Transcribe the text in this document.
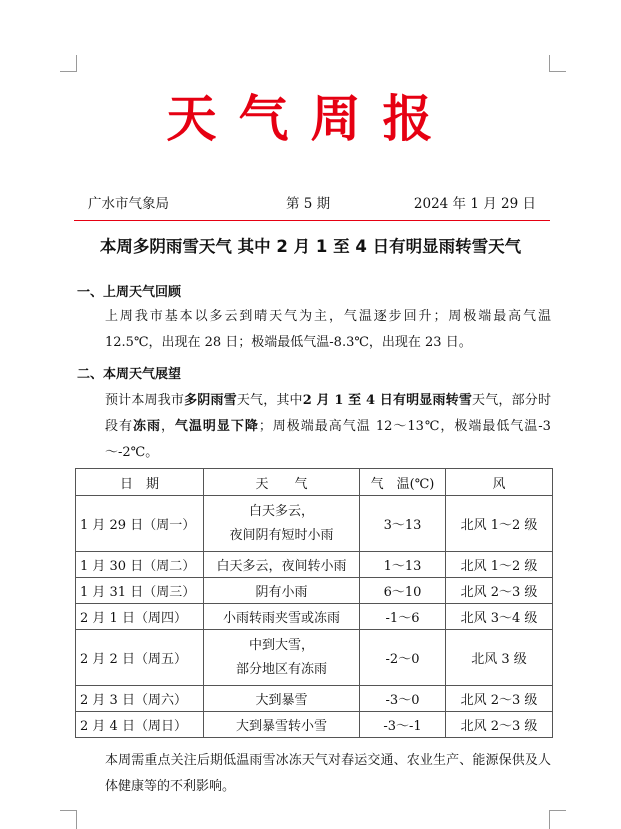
天气周报
广水市气象局	第 5 期	2024 年 1 月 29 日
本周多阴雨雪天气 其中 2 月 1 至 4 日有明显雨转雪天气
一、上周天气回顾
上周我市基本以多云到晴天气为主，气温逐步回升；周极端最高气温 12.5℃，出现在 28 日；极端最低气温-8.3℃，出现在 23 日。
二、本周天气展望
预计本周我市多阴雨雪天气，其中2 月 1 至 4 日有明显雨转雪天气，部分时段有冻雨，气温明显下降；周极端最高气温 12～13℃，极端最低气温-3～-2℃。
日　期	天　　气	气　温(℃)	风
1 月 29 日（周一）	白天多云，
夜间阴有短时小雨	3～13	北风 1～2 级
1 月 30 日（周二）	白天多云，夜间转小雨	1～13	北风 1～2 级
1 月 31 日（周三）	阴有小雨	6～10	北风 2～3 级
2 月 1 日（周四）	小雨转雨夹雪或冻雨	-1～6	北风 3～4 级
2 月 2 日（周五）	中到大雪，
部分地区有冻雨	-2～0	北风 3 级
2 月 3 日（周六）	大到暴雪	-3～0	北风 2～3 级
2 月 4 日（周日）	大到暴雪转小雪	-3～-1	北风 2～3 级
本周需重点关注后期低温雨雪冰冻天气对春运交通、农业生产、能源保供及人体健康等的不利影响。
